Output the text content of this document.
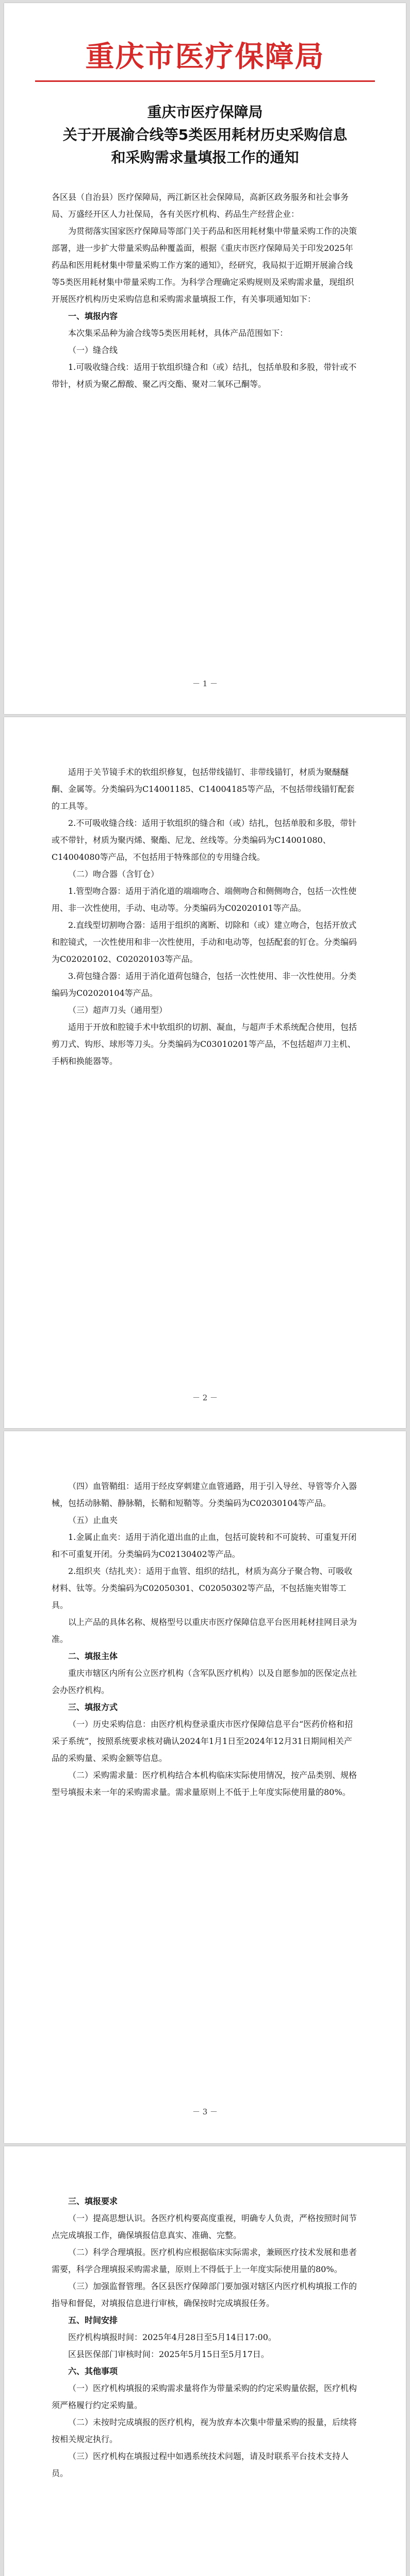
重庆市医疗保障局
重庆市医疗保障局
关于开展渝合线等5类医用耗材历史采购信息
和采购需求量填报工作的通知

各区县（自治县）医疗保障局，两江新区社会保障局，高新区政务服务和社会事务局、万盛经开区人力社保局，各有关医疗机构、药品生产经营企业：

为贯彻落实国家医疗保障局等部门关于药品和医用耗材集中带量采购工作的决策部署，进一步扩大带量采购品种覆盖面，根据《重庆市医疗保障局关于印发2025年药品和医用耗材集中带量采购工作方案的通知》，经研究，我局拟于近期开展渝合线等5类医用耗材集中带量采购工作。为科学合理确定采购规则及采购需求量，现组织开展医疗机构历史采购信息和采购需求量填报工作，有关事项通知如下：

一、填报内容

本次集采品种为渝合线等5类医用耗材，具体产品范围如下：

（一）缝合线

1.可吸收缝合线：适用于软组织缝合和（或）结扎，包括单股和多股，带针或不带针，材质为聚乙醇酸、聚乙丙交酯、聚对二氧环己酮等。

－ 1 －

适用于关节镜手术的软组织修复，包括带线锚钉、非带线锚钉，材质为聚醚醚酮、金属等。分类编码为C14001185、C14004185等产品，不包括带线锚钉配套的工具等。

2.不可吸收缝合线：适用于软组织的缝合和（或）结扎，包括单股和多股，带针或不带针，材质为聚丙烯、聚酯、尼龙、丝线等。分类编码为C14001080、C14004080等产品，不包括用于特殊部位的专用缝合线。

（二）吻合器（含钉仓）

1.管型吻合器：适用于消化道的端端吻合、端侧吻合和侧侧吻合，包括一次性使用、非一次性使用，手动、电动等。分类编码为C02020101等产品。

2.直线型切割吻合器：适用于组织的离断、切除和（或）建立吻合，包括开放式和腔镜式，一次性使用和非一次性使用，手动和电动等，包括配套的钉仓。分类编码为C02020102、C02020103等产品。

3.荷包缝合器：适用于消化道荷包缝合，包括一次性使用、非一次性使用。分类编码为C02020104等产品。

（三）超声刀头（通用型）

适用于开放和腔镜手术中软组织的切割、凝血，与超声手术系统配合使用，包括剪刀式、钩形、球形等刀头。分类编码为C03010201等产品，不包括超声刀主机、手柄和换能器等。

－ 2 －

（四）血管鞘组：适用于经皮穿刺建立血管通路，用于引入导丝、导管等介入器械，包括动脉鞘、静脉鞘，长鞘和短鞘等。分类编码为C02030104等产品。

（五）止血夹

1.金属止血夹：适用于消化道出血的止血，包括可旋转和不可旋转、可重复开闭和不可重复开闭。分类编码为C02130402等产品。

2.组织夹（结扎夹）：适用于血管、组织的结扎，材质为高分子聚合物、可吸收材料、钛等。分类编码为C02050301、C02050302等产品，不包括施夹钳等工具。

以上产品的具体名称、规格型号以重庆市医疗保障信息平台医用耗材挂网目录为准。

二、填报主体

重庆市辖区内所有公立医疗机构（含军队医疗机构）以及自愿参加的医保定点社会办医疗机构。

三、填报方式

（一）历史采购信息：由医疗机构登录重庆市医疗保障信息平台“医药价格和招采子系统”，按照系统要求核对确认2024年1月1日至2024年12月31日期间相关产品的采购量、采购金额等信息。

（二）采购需求量：医疗机构结合本机构临床实际使用情况，按产品类别、规格型号填报未来一年的采购需求量。需求量原则上不低于上年度实际使用量的80%。

－ 3 －

三、填报要求

（一）提高思想认识。各医疗机构要高度重视，明确专人负责，严格按照时间节点完成填报工作，确保填报信息真实、准确、完整。

（二）科学合理填报。医疗机构应根据临床实际需求，兼顾医疗技术发展和患者需要，科学合理填报采购需求量，原则上不得低于上一年度实际使用量的80%。

（三）加强监督管理。各区县医疗保障部门要加强对辖区内医疗机构填报工作的指导和督促，对填报信息进行审核，确保按时完成填报任务。

五、时间安排

医疗机构填报时间：2025年4月28日至5月14日17:00。

区县医保部门审核时间：2025年5月15日至5月17日。

六、其他事项

（一）医疗机构填报的采购需求量将作为带量采购的约定采购量依据，医疗机构须严格履行约定采购量。

（二）未按时完成填报的医疗机构，视为放弃本次集中带量采购的报量，后续将按相关规定执行。

（三）医疗机构在填报过程中如遇系统技术问题，请及时联系平台技术支持人员。
